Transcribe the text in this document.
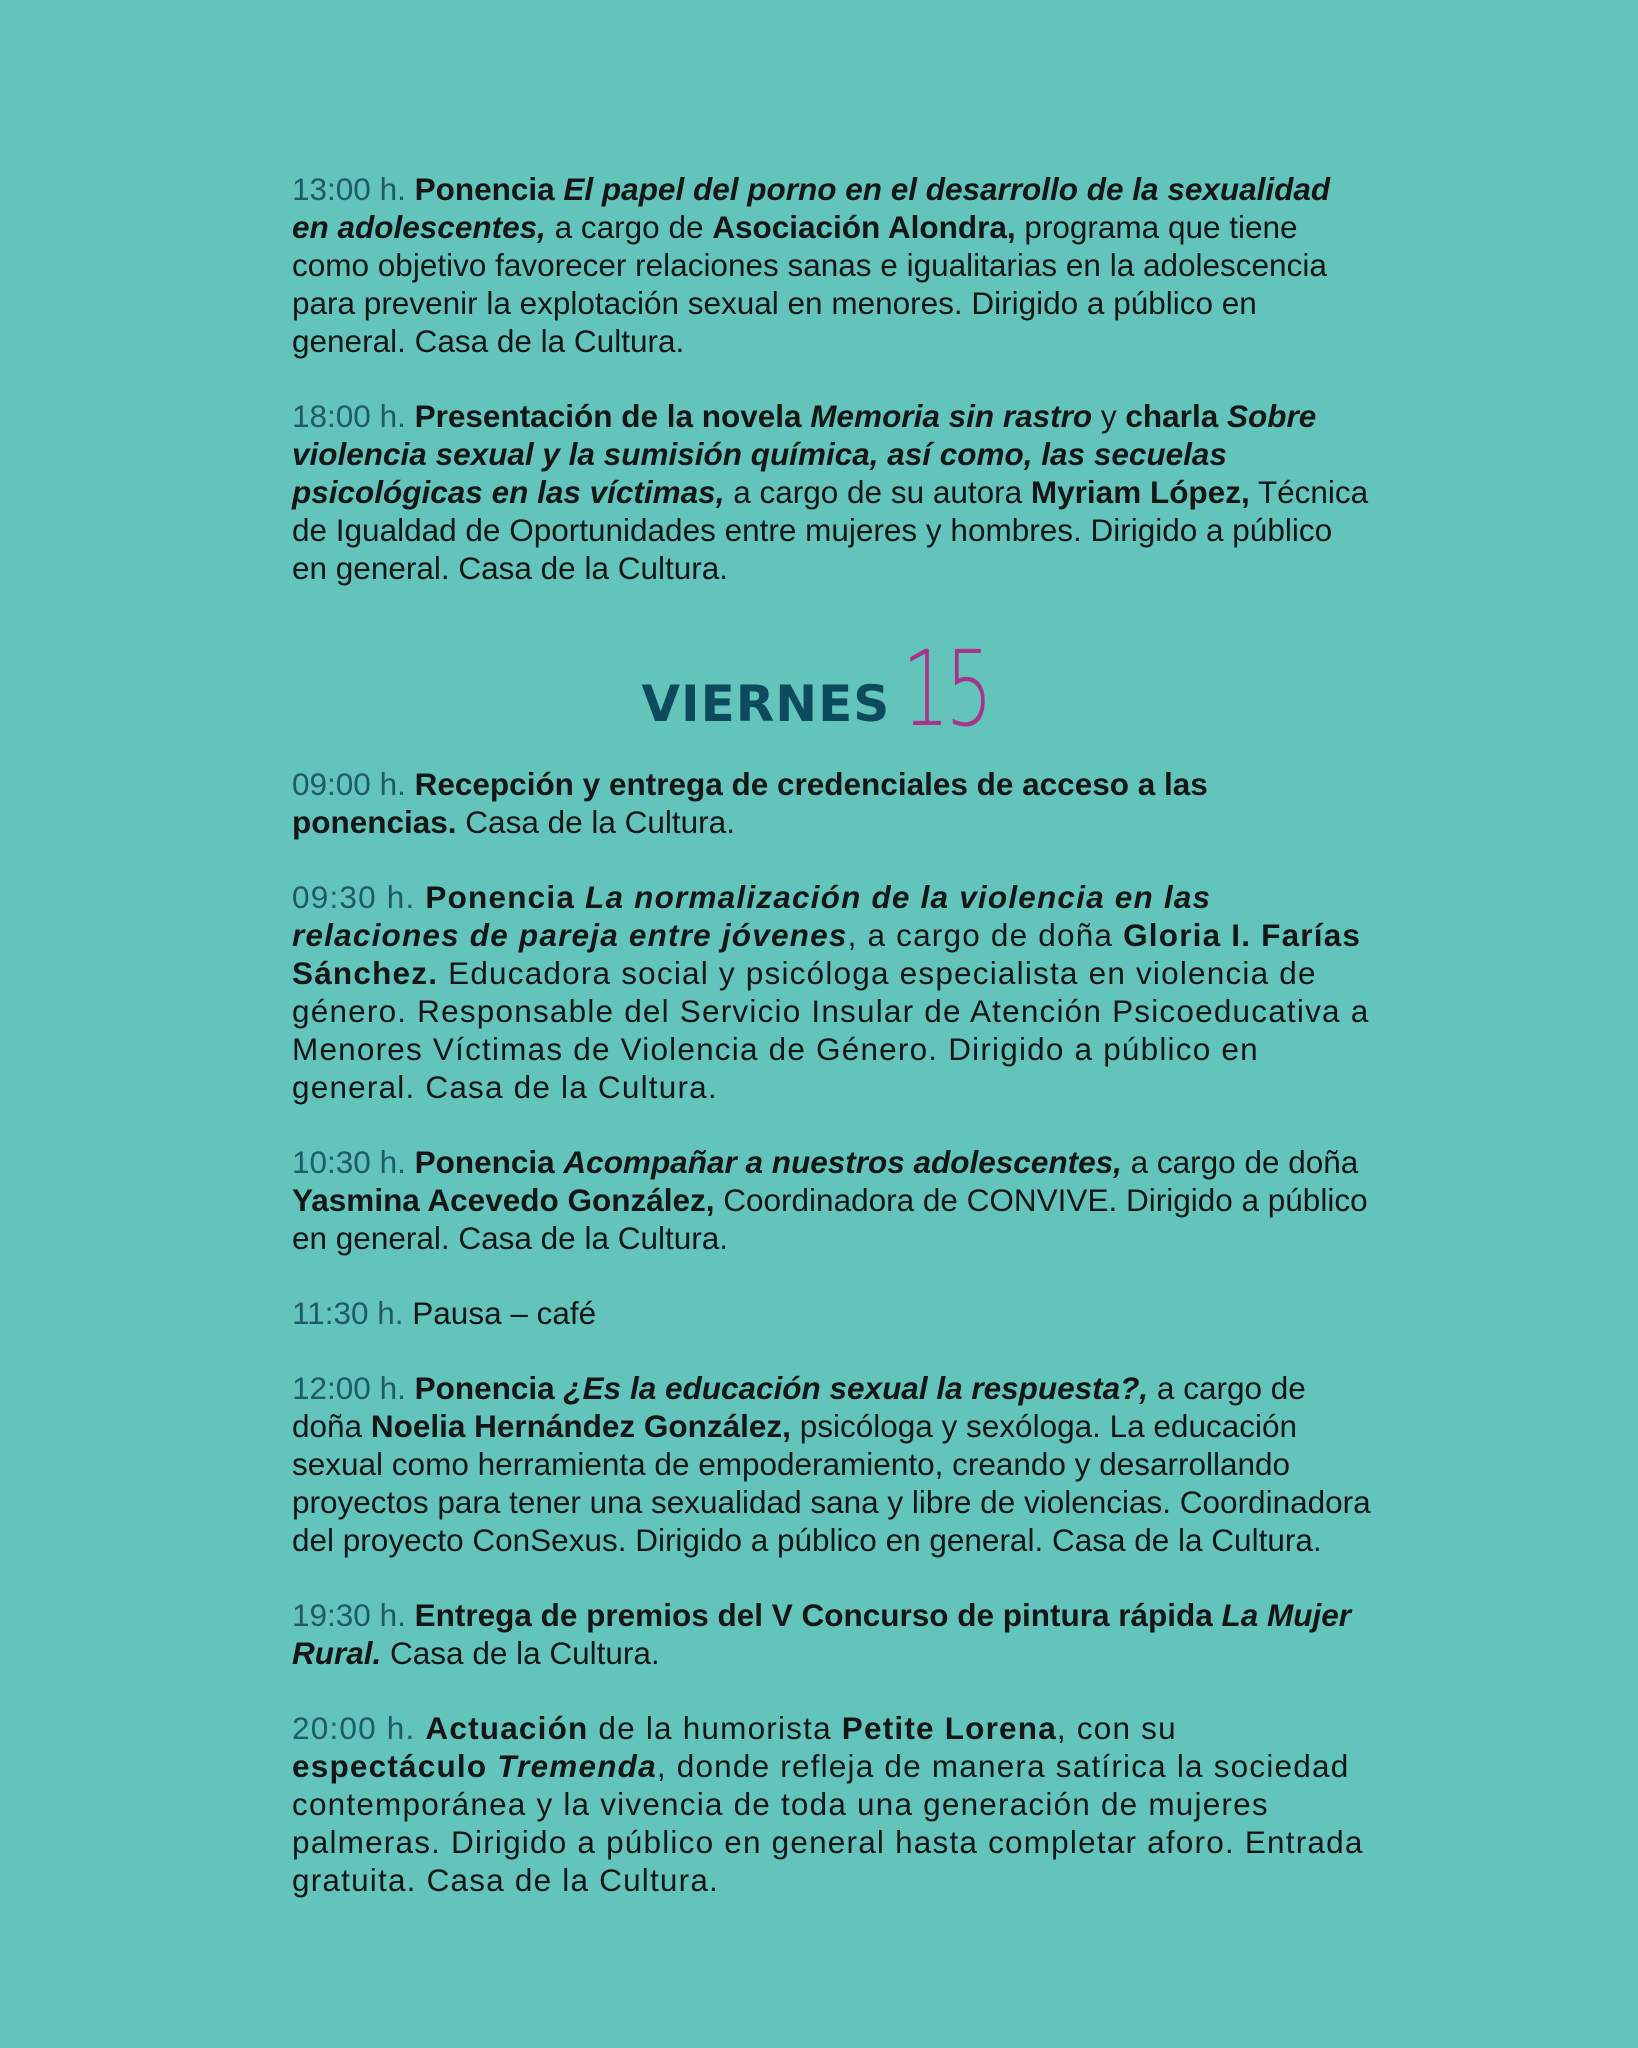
13:00 h. Ponencia El papel del porno en el desarrollo de la sexualidad en adolescentes, a cargo de Asociación Alondra, programa que tiene como objetivo favorecer relaciones sanas e igualitarias en la adolescencia para prevenir la explotación sexual en menores. Dirigido a público en general. Casa de la Cultura.

18:00 h. Presentación de la novela Memoria sin rastro y charla Sobre violencia sexual y la sumisión química, así como, las secuelas psicológicas en las víctimas, a cargo de su autora Myriam López, Técnica de Igualdad de Oportunidades entre mujeres y hombres. Dirigido a público en general. Casa de la Cultura.

VIERNES 15

09:00 h. Recepción y entrega de credenciales de acceso a las ponencias. Casa de la Cultura.

09:30 h. Ponencia La normalización de la violencia en las relaciones de pareja entre jóvenes, a cargo de doña Gloria I. Farías Sánchez. Educadora social y psicóloga especialista en violencia de género. Responsable del Servicio Insular de Atención Psicoeducativa a Menores Víctimas de Violencia de Género. Dirigido a público en general. Casa de la Cultura.

10:30 h. Ponencia Acompañar a nuestros adolescentes, a cargo de doña Yasmina Acevedo González, Coordinadora de CONVIVE. Dirigido a público en general. Casa de la Cultura.

11:30 h. Pausa – café

12:00 h. Ponencia ¿Es la educación sexual la respuesta?, a cargo de doña Noelia Hernández González, psicóloga y sexóloga. La educación sexual como herramienta de empoderamiento, creando y desarrollando proyectos para tener una sexualidad sana y libre de violencias. Coordinadora del proyecto ConSexus. Dirigido a público en general. Casa de la Cultura.

19:30 h. Entrega de premios del V Concurso de pintura rápida La Mujer Rural. Casa de la Cultura.

20:00 h. Actuación de la humorista Petite Lorena, con su espectáculo Tremenda, donde refleja de manera satírica la sociedad contemporánea y la vivencia de toda una generación de mujeres palmeras. Dirigido a público en general hasta completar aforo. Entrada gratuita. Casa de la Cultura.
